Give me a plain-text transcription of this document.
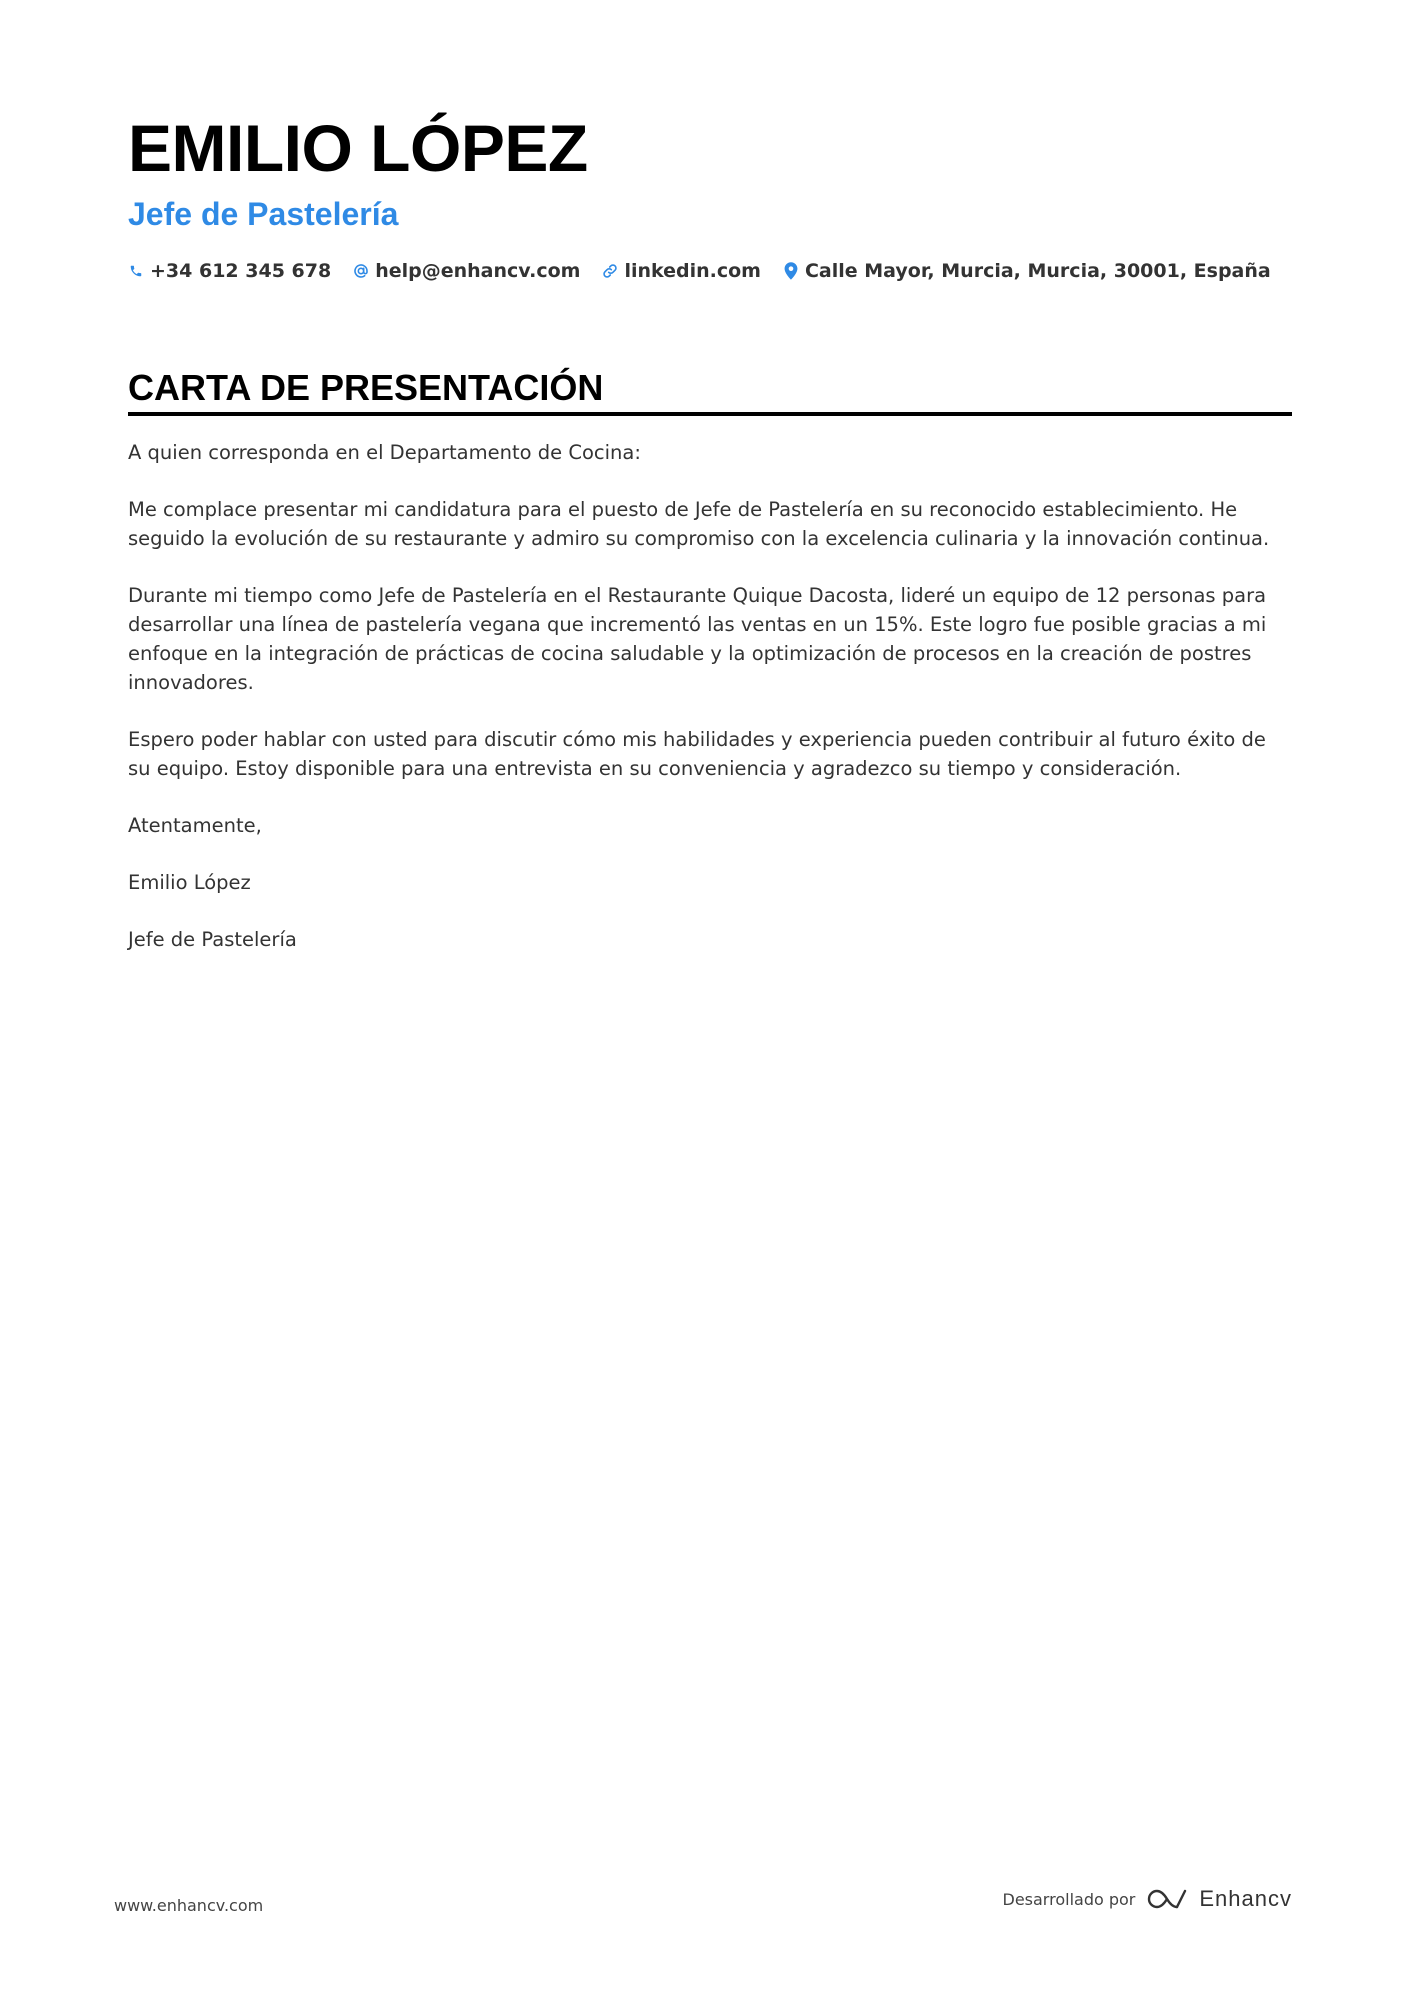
EMILIO LÓPEZ
Jefe de Pastelería
+34 612 345 678 help@enhancv.com linkedin.com Calle Mayor, Murcia, Murcia, 30001, España
CARTA DE PRESENTACIÓN

A quien corresponda en el Departamento de Cocina:

Me complace presentar mi candidatura para el puesto de Jefe de Pastelería en su reconocido establecimiento. He seguido la evolución de su restaurante y admiro su compromiso con la excelencia culinaria y la innovación continua.

Durante mi tiempo como Jefe de Pastelería en el Restaurante Quique Dacosta, lideré un equipo de 12 personas para desarrollar una línea de pastelería vegana que incrementó las ventas en un 15%. Este logro fue posible gracias a mi enfoque en la integración de prácticas de cocina saludable y la optimización de procesos en la creación de postres innovadores.

Espero poder hablar con usted para discutir cómo mis habilidades y experiencia pueden contribuir al futuro éxito de su equipo. Estoy disponible para una entrevista en su conveniencia y agradezco su tiempo y consideración.

Atentamente,

Emilio López

Jefe de Pastelería

www.enhancv.com	Desarrollado por	Enhancv
